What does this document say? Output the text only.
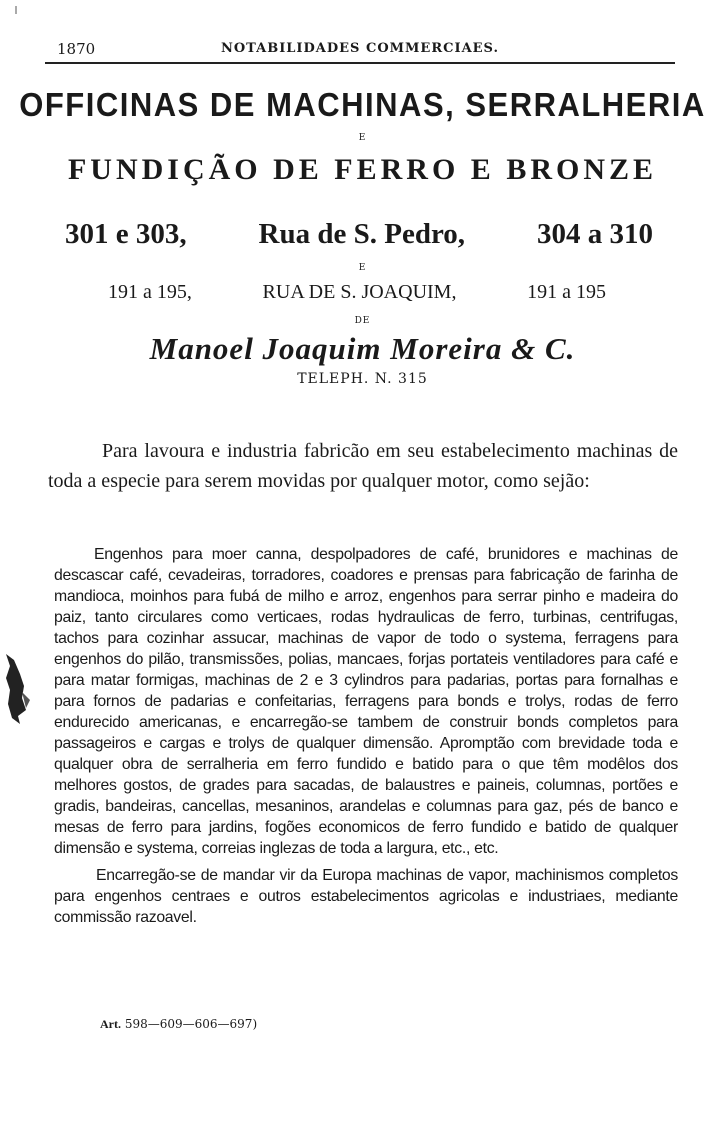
1870	NOTABILIDADES COMMERCIAES.
OFFICINAS DE MACHINAS, SERRALHERIA
E
FUNDIÇÃO DE FERRO E BRONZE
301 e 303, Rua de S. Pedro, 304 a 310
E
191 a 195,	RUA DE S. JOAQUIM,	191 a 195
DE
Manoel Joaquim Moreira & C.
TELEPH. N. 315
Para lavoura e industria fabricão em seu estabelecimento machinas de toda a especie para serem movidas por qualquer motor, como sejão:

Engenhos para moer canna, despolpadores de café, brunidores e machinas de descascar café, cevadeiras, torradores, coadores e prensas para fabricação de farinha de mandioca, moinhos para fubá de milho e arroz, engenhos para serrar pinho e madeira do paiz, tanto circulares como verticaes, rodas hydraulicas de ferro, turbinas, centrifugas, tachos para cozinhar assucar, machinas de vapor de todo o systema, ferragens para engenhos do pilão, transmissões, polias, mancaes, forjas portateis ventiladores para café e para matar formigas, machinas de 2 e 3 cylindros para padarias, portas para fornalhas e para fornos de padarias e confeitarias, ferragens para bonds e trolys, rodas de ferro endurecido americanas, e encarregão-se tambem de construir bonds completos para passageiros e cargas e trolys de qualquer dimensão. Apromptão com brevidade toda e qualquer obra de serralheria em ferro fundido e batido para o que têm modêlos dos melhores gostos, de grades para sacadas, de balaustres e paineis, columnas, portões e gradis, bandeiras, cancellas, mesaninos, arandelas e columnas para gaz, pés de banco e mesas de ferro para jardins, fogões economicos de ferro fundido e batido de qualquer dimensão e systema, correias inglezas de toda a largura, etc., etc.

Encarregão-se de mandar vir da Europa machinas de vapor, machinismos completos para engenhos centraes e outros estabelecimentos agricolas e industriaes, mediante commissão razoavel.

Art. 598—609—606—697)
